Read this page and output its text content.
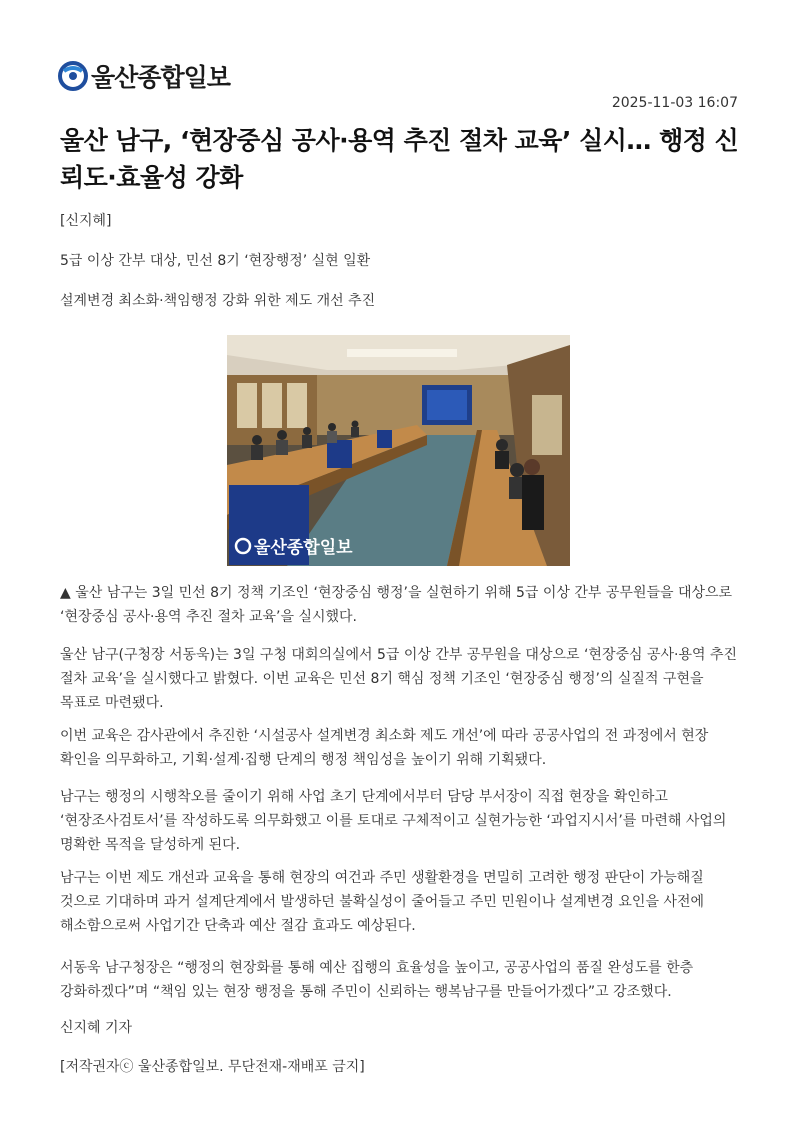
울산종합일보
2025-11-03 16:07
울산 남구, ‘현장중심 공사·용역 추진 절차 교육’ 실시… 행정 신뢰도·효율성 강화
[신지혜]
5급 이상 간부 대상, 민선 8기 ‘현장행정’ 실현 일환
설계변경 최소화·책임행정 강화 위한 제도 개선 추진
울산종합일보

▲ 울산 남구는 3일 민선 8기 정책 기조인 ‘현장중심 행정’을 실현하기 위해 5급 이상 간부 공무원들을 대상으로 ‘현장중심 공사·용역 추진 절차 교육’을 실시했다.

울산 남구(구청장 서동욱)는 3일 구청 대회의실에서 5급 이상 간부 공무원을 대상으로 ‘현장중심 공사·용역 추진 절차 교육’을 실시했다고 밝혔다. 이번 교육은 민선 8기 핵심 정책 기조인 ‘현장중심 행정’의 실질적 구현을 목표로 마련됐다.

이번 교육은 감사관에서 추진한 ‘시설공사 설계변경 최소화 제도 개선’에 따라 공공사업의 전 과정에서 현장 확인을 의무화하고, 기획·설계·집행 단계의 행정 책임성을 높이기 위해 기획됐다.

남구는 행정의 시행착오를 줄이기 위해 사업 초기 단계에서부터 담당 부서장이 직접 현장을 확인하고 ‘현장조사검토서’를 작성하도록 의무화했고 이를 토대로 구체적이고 실현가능한 ‘과업지시서’를 마련해 사업의 명확한 목적을 달성하게 된다.

남구는 이번 제도 개선과 교육을 통해 현장의 여건과 주민 생활환경을 면밀히 고려한 행정 판단이 가능해질 것으로 기대하며 과거 설계단계에서 발생하던 불확실성이 줄어들고 주민 민원이나 설계변경 요인을 사전에 해소함으로써 사업기간 단축과 예산 절감 효과도 예상된다.

서동욱 남구청장은 “행정의 현장화를 통해 예산 집행의 효율성을 높이고, 공공사업의 품질 완성도를 한층 강화하겠다”며 “책임 있는 현장 행정을 통해 주민이 신뢰하는 행복남구를 만들어가겠다”고 강조했다.

신지혜 기자
[저작권자ⓒ 울산종합일보. 무단전재-재배포 금지]
